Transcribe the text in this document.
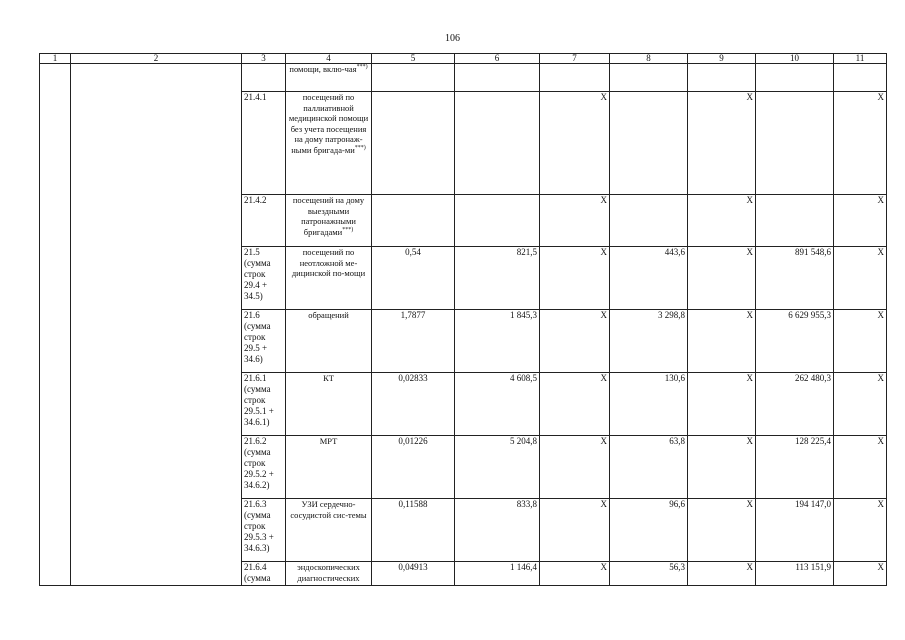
106
1	2	3	4	5	6	7	8	9	10	11
			помощи, вклю-чая***)							
		21.4.1	посещений по паллиативной медицинской помощи без учета посещения на дому патронаж-ными бригада-ми***)			X		X		X
		21.4.2	посещений на дому выездными патронажными бригадами***)			X		X		X
		21.5 (сумма строк 29.4 + 34.5)	посещений по неотложной ме-дицинской по-мощи	0,54	821,5	X	443,6	X	891 548,6	X
		21.6 (сумма строк 29.5 + 34.6)	обращений	1,7877	1 845,3	X	3 298,8	X	6 629 955,3	X
		21.6.1 (сумма строк 29.5.1 + 34.6.1)	КТ	0,02833	4 608,5	X	130,6	X	262 480,3	X
		21.6.2 (сумма строк 29.5.2 + 34.6.2)	МРТ	0,01226	5 204,8	X	63,8	X	128 225,4	X
		21.6.3 (сумма строк 29.5.3 + 34.6.3)	УЗИ сердечно-сосудистой сис-темы	0,11588	833,8	X	96,6	X	194 147,0	X
		21.6.4 (сумма	эндоскопических диагностических	0,04913	1 146,4	X	56,3	X	113 151,9	X
